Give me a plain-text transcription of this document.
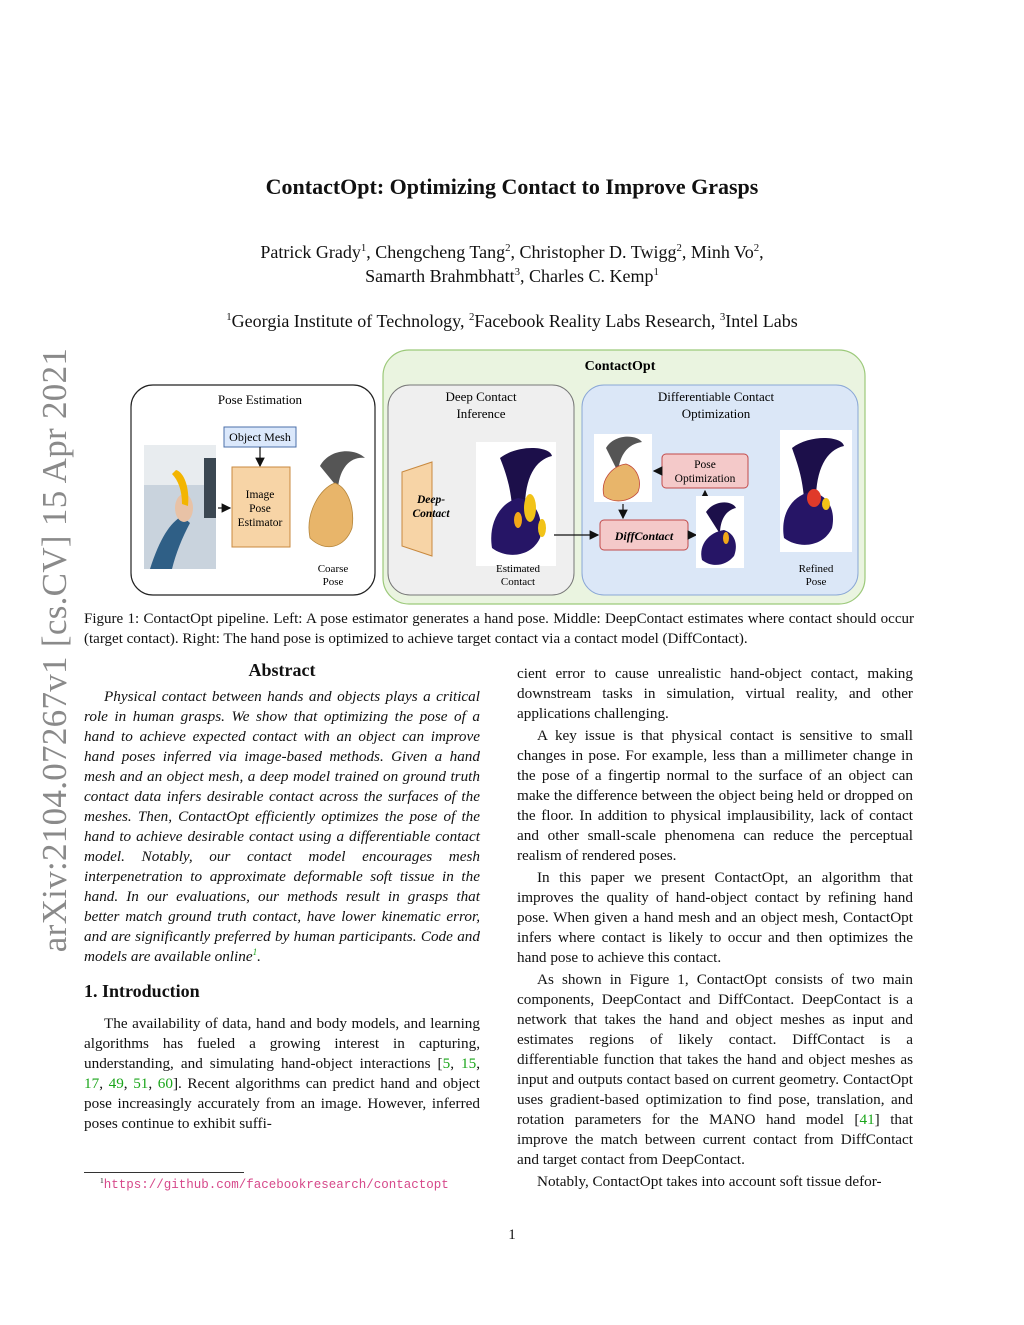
arXiv:2104.07267v1 [cs.CV] 15 Apr 2021
ContactOpt: Optimizing Contact to Improve Grasps
Patrick Grady$^1$, Chengcheng Tang$^2$, Christopher D. Twigg$^2$, Minh Vo$^2$,
Samarth Brahmbhatt$^3$, Charles C. Kemp$^1$
$^1$Georgia Institute of Technology, $^2$Facebook Reality Labs Research, $^3$Intel Labs
ContactOpt
Pose Estimation
Object Mesh
Image
Pose
Estimator
Coarse
Pose
Deep Contact
Inference
Deep-
Contact
Estimated
Contact
Differentiable Contact
Optimization
Pose
Optimization
DiffContact
Refined
Pose
Figure 1: ContactOpt pipeline. Left: A pose estimator generates a hand pose. Middle: DeepContact estimates where contact should occur (target contact). Right: The hand pose is optimized to achieve target contact via a contact model (DiffContact).
Abstract

Physical contact between hands and objects plays a critical role in human grasps. We show that optimizing the pose of a hand to achieve expected contact with an object can improve hand poses inferred via image-based methods. Given a hand mesh and an object mesh, a deep model trained on ground truth contact data infers desirable contact across the surfaces of the meshes. Then, ContactOpt efficiently optimizes the pose of the hand to achieve desirable contact using a differentiable contact model. Notably, our contact model encourages mesh interpenetration to approximate deformable soft tissue in the hand. In our evaluations, our methods result in grasps that better match ground truth contact, have lower kinematic error, and are significantly preferred by human participants. Code and models are available online$^1$.

1. Introduction

The availability of data, hand and body models, and learning algorithms has fueled a growing interest in capturing, understanding, and simulating hand-object interactions [5, 15, 17, 49, 51, 60]. Recent algorithms can predict hand and object pose increasingly accurately from an image. However, inferred poses continue to exhibit suffi-

cient error to cause unrealistic hand-object contact, making downstream tasks in simulation, virtual reality, and other applications challenging.

A key issue is that physical contact is sensitive to small changes in pose. For example, less than a millimeter change in the pose of a fingertip normal to the surface of an object can make the difference between the object being held or dropped on the floor. In addition to physical implausibility, lack of contact and other small-scale phenomena can reduce the perceptual realism of rendered poses.

In this paper we present ContactOpt, an algorithm that improves the quality of hand-object contact by refining hand pose. When given a hand mesh and an object mesh, ContactOpt infers where contact is likely to occur and then optimizes the hand pose to achieve this contact.

As shown in Figure 1, ContactOpt consists of two main components, DeepContact and DiffContact. DeepContact is a network that takes the hand and object meshes as input and estimates regions of likely contact. DiffContact is a differentiable function that takes the hand and object meshes as input and outputs contact based on current geometry. ContactOpt uses gradient-based optimization to find pose, translation, and rotation parameters for the MANO hand model [41] that improve the match between current contact from DiffContact and target contact from DeepContact.

Notably, ContactOpt takes into account soft tissue defor-

$^1$https://github.com/facebookresearch/contactopt
1
